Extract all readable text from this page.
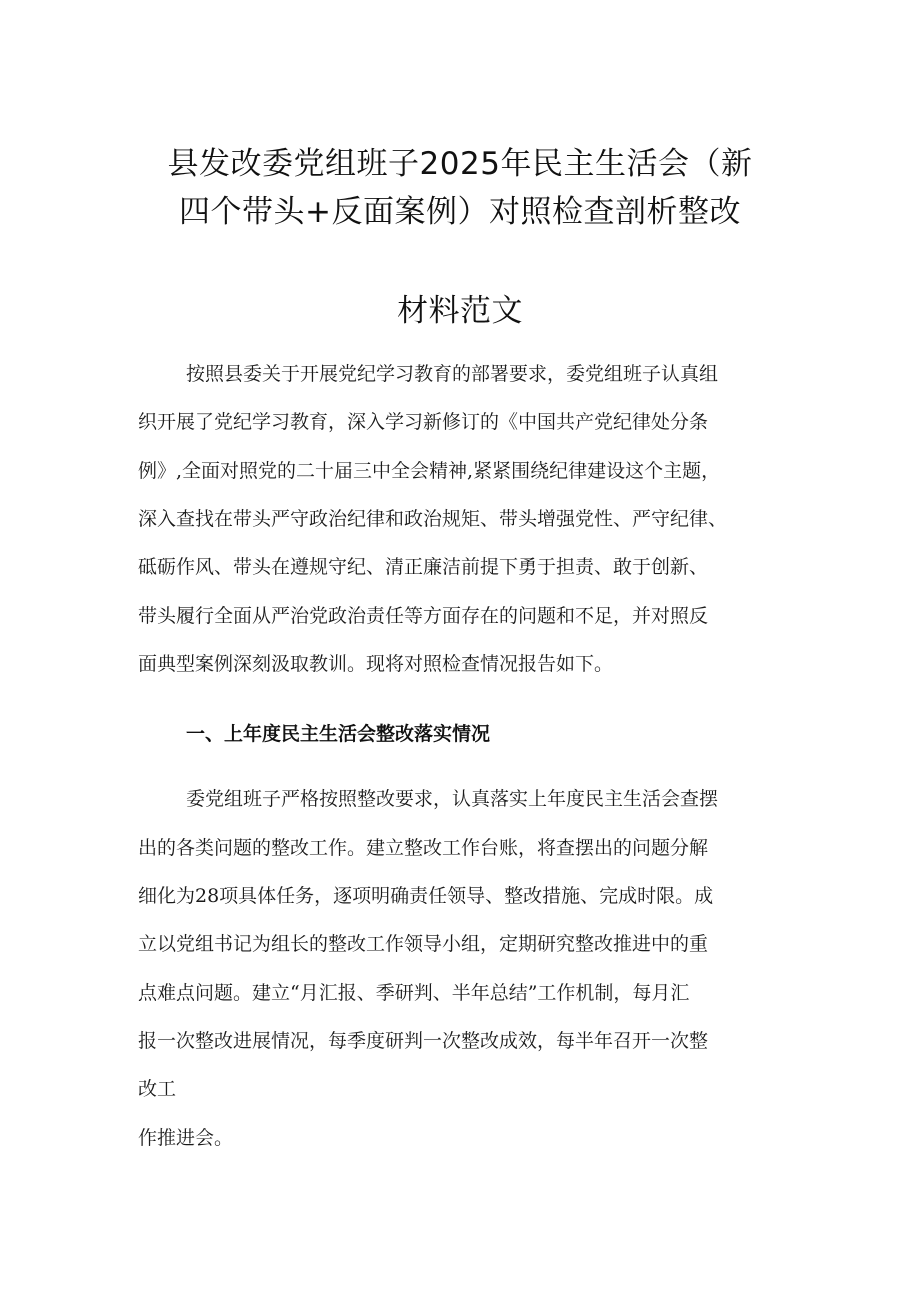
县发改委党组班子2025年民主生活会（新
四个带头+反面案例）对照检查剖析整改
材料范文
按照县委关于开展党纪学习教育的部署要求，委党组班子认真组
织开展了党纪学习教育，深入学习新修订的《中国共产党纪律处分条
例》,全面对照党的二十届三中全会精神,紧紧围绕纪律建设这个主题，
深入查找在带头严守政治纪律和政治规矩、带头增强党性、严守纪律、
砥砺作风、带头在遵规守纪、清正廉洁前提下勇于担责、敢于创新、
带头履行全面从严治党政治责任等方面存在的问题和不足，并对照反
面典型案例深刻汲取教训。现将对照检查情况报告如下。
一、上年度民主生活会整改落实情况
委党组班子严格按照整改要求，认真落实上年度民主生活会查摆
出的各类问题的整改工作。建立整改工作台账，将查摆出的问题分解
细化为28项具体任务，逐项明确责任领导、整改措施、完成时限。成
立以党组书记为组长的整改工作领导小组，定期研究整改推进中的重
点难点问题。建立“月汇报、季研判、半年总结”工作机制，每月汇
报一次整改进展情况，每季度研判一次整改成效，每半年召开一次整
改工
作推进会。
